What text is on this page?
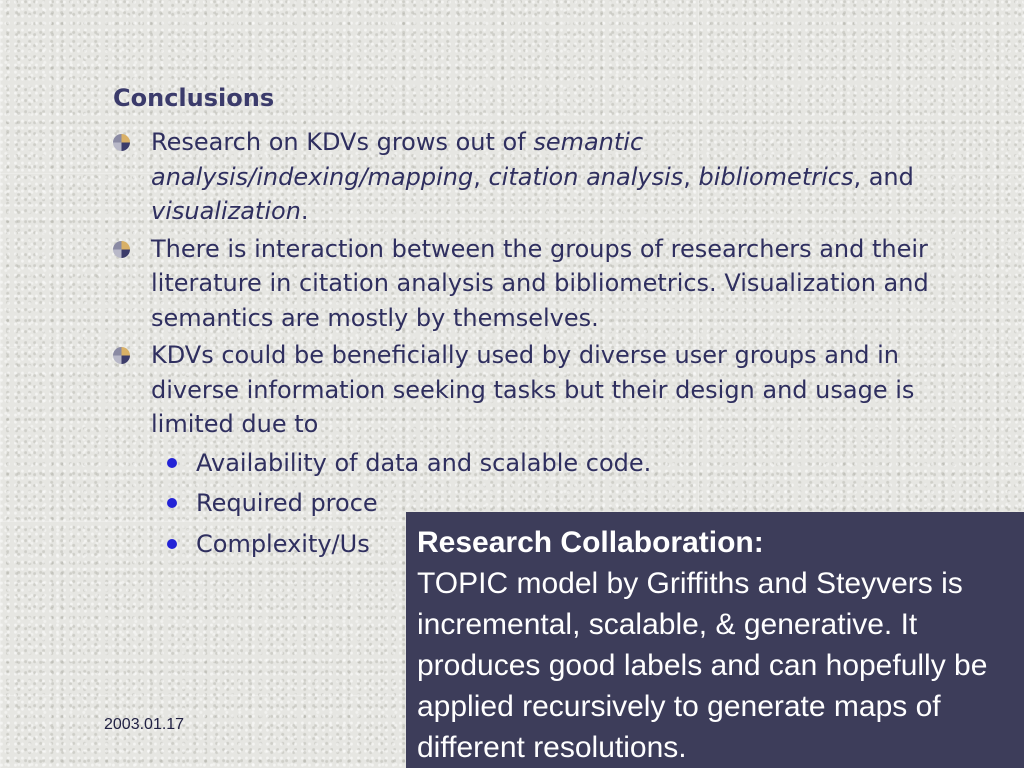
Conclusions
Research on KDVs grows out of semantic analysis/indexing/mapping, citation analysis, bibliometrics, and visualization.
There is interaction between the groups of researchers and their literature in citation analysis and bibliometrics. Visualization and semantics are mostly by themselves.
KDVs could be beneficially used by diverse user groups and in diverse information seeking tasks but their design and usage is limited due to
Availability of data and scalable code.
Required proce
Complexity/Us
2003.01.17
Research Collaboration:
TOPIC model by Griffiths and Steyvers is incremental, scalable, & generative. It produces good labels and can hopefully be applied recursively to generate maps of different resolutions.
